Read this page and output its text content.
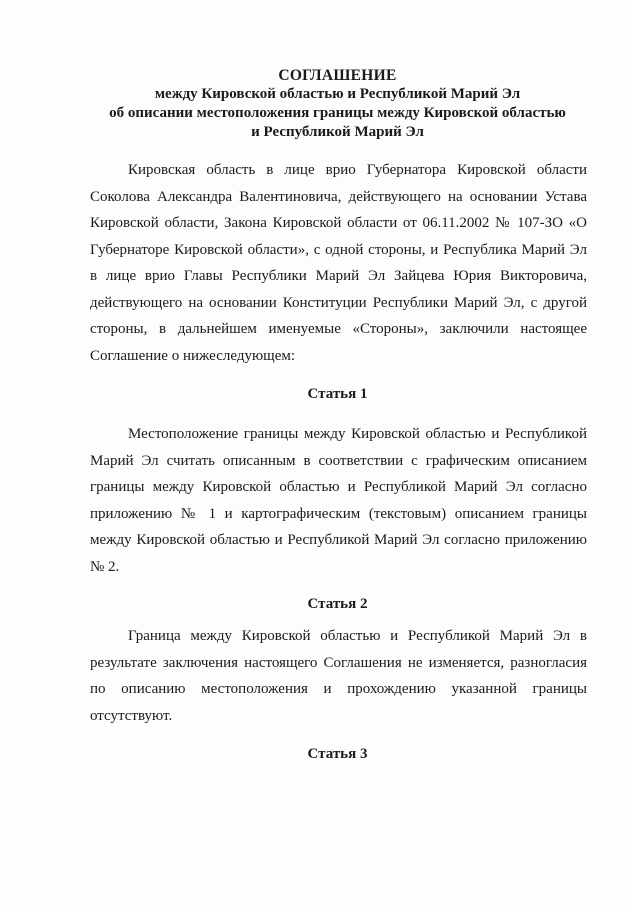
СОГЛАШЕНИЕ
между Кировской областью и Республикой Марий Эл
об описании местоположения границы между Кировской областью
и Республикой Марий Эл

Кировская область в лице врио Губернатора Кировской области Соколова Александра Валентиновича, действующего на основании Устава Кировской области, Закона Кировской области от 06.11.2002 № 107-ЗО «О Губернаторе Кировской области», с одной стороны, и Республика Марий Эл в лице врио Главы Республики Марий Эл Зайцева Юрия Викторовича, действующего на основании Конституции Республики Марий Эл, с другой стороны, в дальнейшем именуемые «Стороны», заключили настоящее Соглашение о нижеследующем:

Статья 1

Местоположение границы между Кировской областью и Республикой Марий Эл считать описанным в соответствии с графическим описанием границы между Кировской областью и Республикой Марий Эл согласно приложению № 1 и картографическим (текстовым) описанием границы между Кировской областью и Республикой Марий Эл согласно приложению № 2.

Статья 2

Граница между Кировской областью и Республикой Марий Эл в результате заключения настоящего Соглашения не изменяется, разногласия по описанию местоположения и прохождению указанной границы отсутствуют.

Статья 3
